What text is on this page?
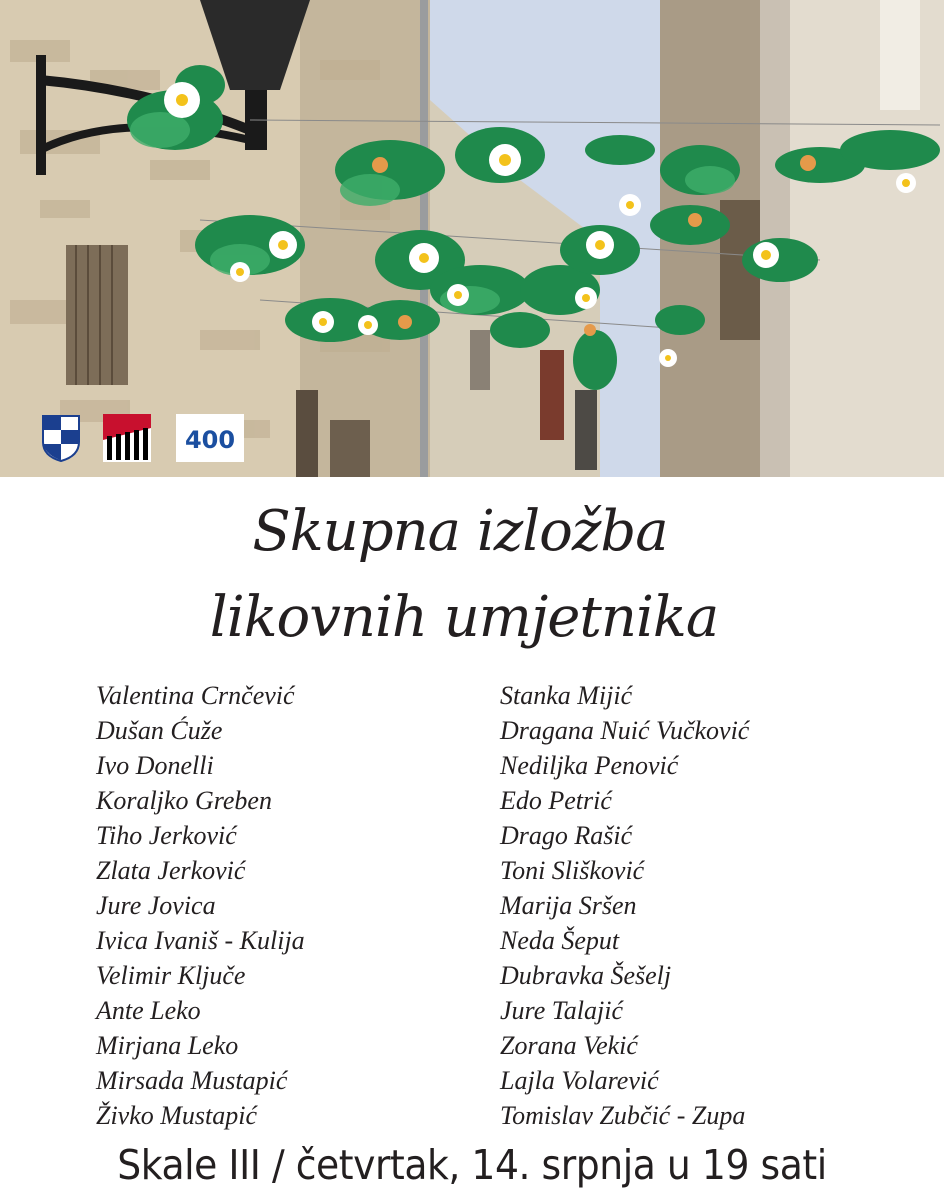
400
Skupna izložba
likovnih umjetnika
Valentina Crnčević
Dušan Ćuže
Ivo Donelli
Koraljko Greben
Tiho Jerković
Zlata Jerković
Jure Jovica
Ivica Ivaniš - Kulija
Velimir Ključe
Ante Leko
Mirjana Leko
Mirsada Mustapić
Živko Mustapić
Stanka Mijić
Dragana Nuić Vučković
Nediljka Penović
Edo Petrić
Drago Rašić
Toni Slišković
Marija Sršen
Neda Šeput
Dubravka Šešelj
Jure Talajić
Zorana Vekić
Lajla Volarević
Tomislav Zubčić - Zupa
Skale III / četvrtak, 14. srpnja u 19 sati
